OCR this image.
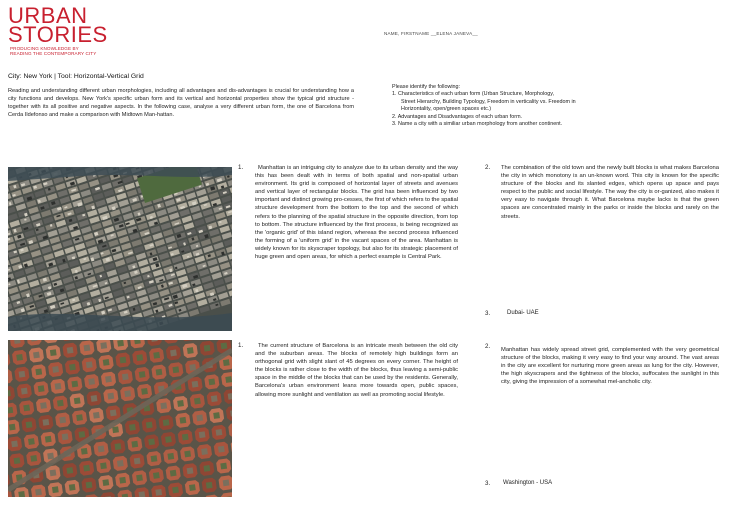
URBAN
STORIES
PRODUCING KNOWLEDGE BY
READING THE CONTEMPORARY CITY
NAME, FIRSTNAME __ELENA JANEVA__
City: New York | Tool: Horizontal-Vertical Grid
Reading and understanding different urban morphologies, including all advantages and dis-advantages is crucial for understanding how a city functions and develops. New York's specific urban form and its vertical and horizontal properties show the typical grid structure - together with its all positive and negative aspects. In the following case, analyse a very different urban form, the one of Barcelona from Cerda Ildefonso and make a comparison with Midtown Man-hattan.

Please identify the following:

1. Characteristics of each urban form (Urban Structure, Morphology,
Street Hierarchy, Building Typology, Freedom in verticality vs. Freedom in
Horizontality, open/green spaces etc.)
2. Advantages and Disadvantages of each urban form.
3. Name a city with a similiar urban morphology from another continent.
1.	Manhattan is an intriguing city to analyze due to its urban density and the way this has been dealt with in terms of both spatial and non-spatial urban environment. Its grid is composed of horizontal layer of streets and avenues and vertical layer of rectangular blocks. The grid has been influenced by two important and distinct growing pro-cesses, the first of which refers to the spatial structure development from the bottom to the top and the second of which refers to the planning of the spatial structure in the opposite direction, from top to bottom. The structure influenced by the first process, is being recognized as the 'organic grid' of this island region, whereas the second process influenced the forming of a 'uniform grid' in the vacant spaces of the area. Manhattan is widely known for its skyscraper topology, but also for its strategic placement of huge green and open areas, for which a perfect example is Central Park.
1.	The current structure of Barcelona is an intricate mesh between the old city and the suburban areas. The blocks of remotely high buildings form an orthogonal grid with slight slant of 45 degrees on every corner. The height of the blocks is rather close to the width of the blocks, thus leaving a semi-public space in the middle of the blocks that can be used by the residents. Generally, Barcelona's urban environment leans more towards open, public spaces, allowing more sunlight and ventilation as well as promoting social lifestyle.
2. The combination of the old town and the newly built blocks is what makes Barcelona the city in which monotony is an un-known word. This city is known for the specific structure of the blocks and its slanted edges, which opens up space and pays respect to the public and social lifestyle. The way the city is or-ganized, also makes it very easy to navigate through it. What Barcelona maybe lacks is that the green spaces are concentrated mainly in the parks or inside the blocks and rarely on the streets.
3.	Dubai- UAE
2. Manhattan has widely spread street grid, complemented with the very geometrical structure of the blocks, making it very easy to find your way around. The vast areas in the city are excellent for nurturing more green areas as lung for the city. However, the high skyscrapers and the tightness of the blocks, suffocates the sunlight in this city, giving the impression of a somewhat mel-ancholic city.
3. Washington - USA
